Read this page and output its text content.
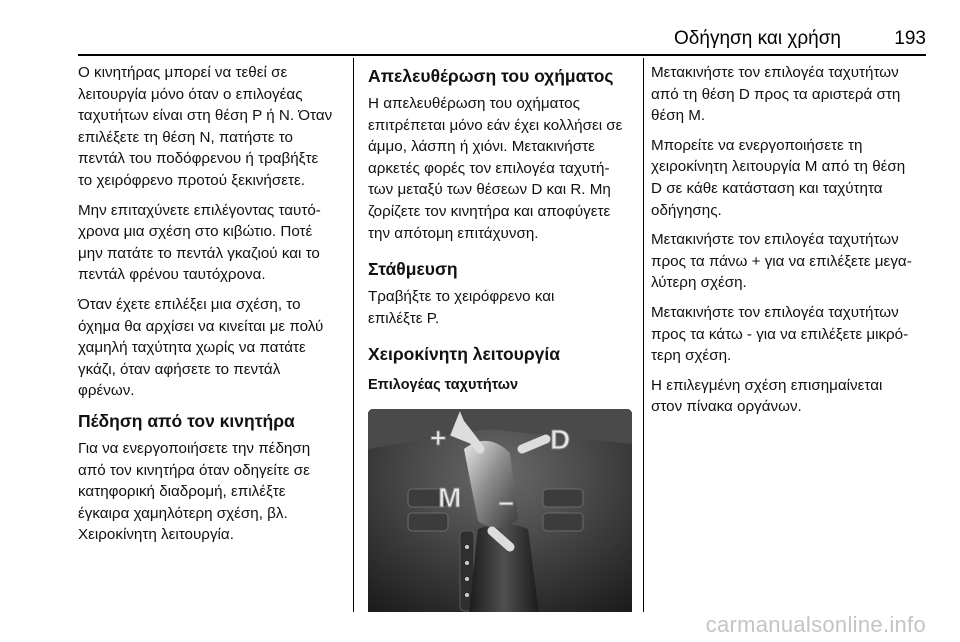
Οδήγηση και χρήση	193

Ο κινητήρας μπορεί να τεθεί σε
λειτουργία μόνο όταν ο επιλογέας
ταχυτήτων είναι στη θέση P ή N. Όταν
επιλέξετε τη θέση N, πατήστε το
πεντάλ του ποδόφρενου ή τραβήξτε
το χειρόφρενο προτού ξεκινήσετε.

Μην επιταχύνετε επιλέγοντας ταυτό-
χρονα μια σχέση στο κιβώτιο. Ποτέ
μην πατάτε το πεντάλ γκαζιού και το
πεντάλ φρένου ταυτόχρονα.

Όταν έχετε επιλέξει μια σχέση, το
όχημα θα αρχίσει να κινείται με πολύ
χαμηλή ταχύτητα χωρίς να πατάτε
γκάζι, όταν αφήσετε το πεντάλ
φρένων.

Πέδηση από τον κινητήρα

Για να ενεργοποιήσετε την πέδηση
από τον κινητήρα όταν οδηγείτε σε
κατηφορική διαδρομή, επιλέξτε
έγκαιρα χαμηλότερη σχέση, βλ.
Χειροκίνητη λειτουργία.

Απελευθέρωση του οχήματος

Η απελευθέρωση του οχήματος
επιτρέπεται μόνο εάν έχει κολλήσει σε
άμμο, λάσπη ή χιόνι. Μετακινήστε
αρκετές φορές τον επιλογέα ταχυτή-
των μεταξύ των θέσεων D και R. Μη
ζορίζετε τον κινητήρα και αποφύγετε
την απότομη επιτάχυνση.

Στάθμευση

Τραβήξτε το χειρόφρενο και
επιλέξτε P.

Χειροκίνητη λειτουργία
Επιλογέας ταχυτήτων
+	D
M −

Μετακινήστε τον επιλογέα ταχυτήτων
από τη θέση D προς τα αριστερά στη
θέση M.

Μπορείτε να ενεργοποιήσετε τη
χειροκίνητη λειτουργία M από τη θέση
D σε κάθε κατάσταση και ταχύτητα
οδήγησης.

Μετακινήστε τον επιλογέα ταχυτήτων
προς τα πάνω + για να επιλέξετε μεγα-
λύτερη σχέση.

Μετακινήστε τον επιλογέα ταχυτήτων
προς τα κάτω - για να επιλέξετε μικρό-
τερη σχέση.

Η επιλεγμένη σχέση επισημαίνεται
στον πίνακα οργάνων.

carmanualsonline.info
